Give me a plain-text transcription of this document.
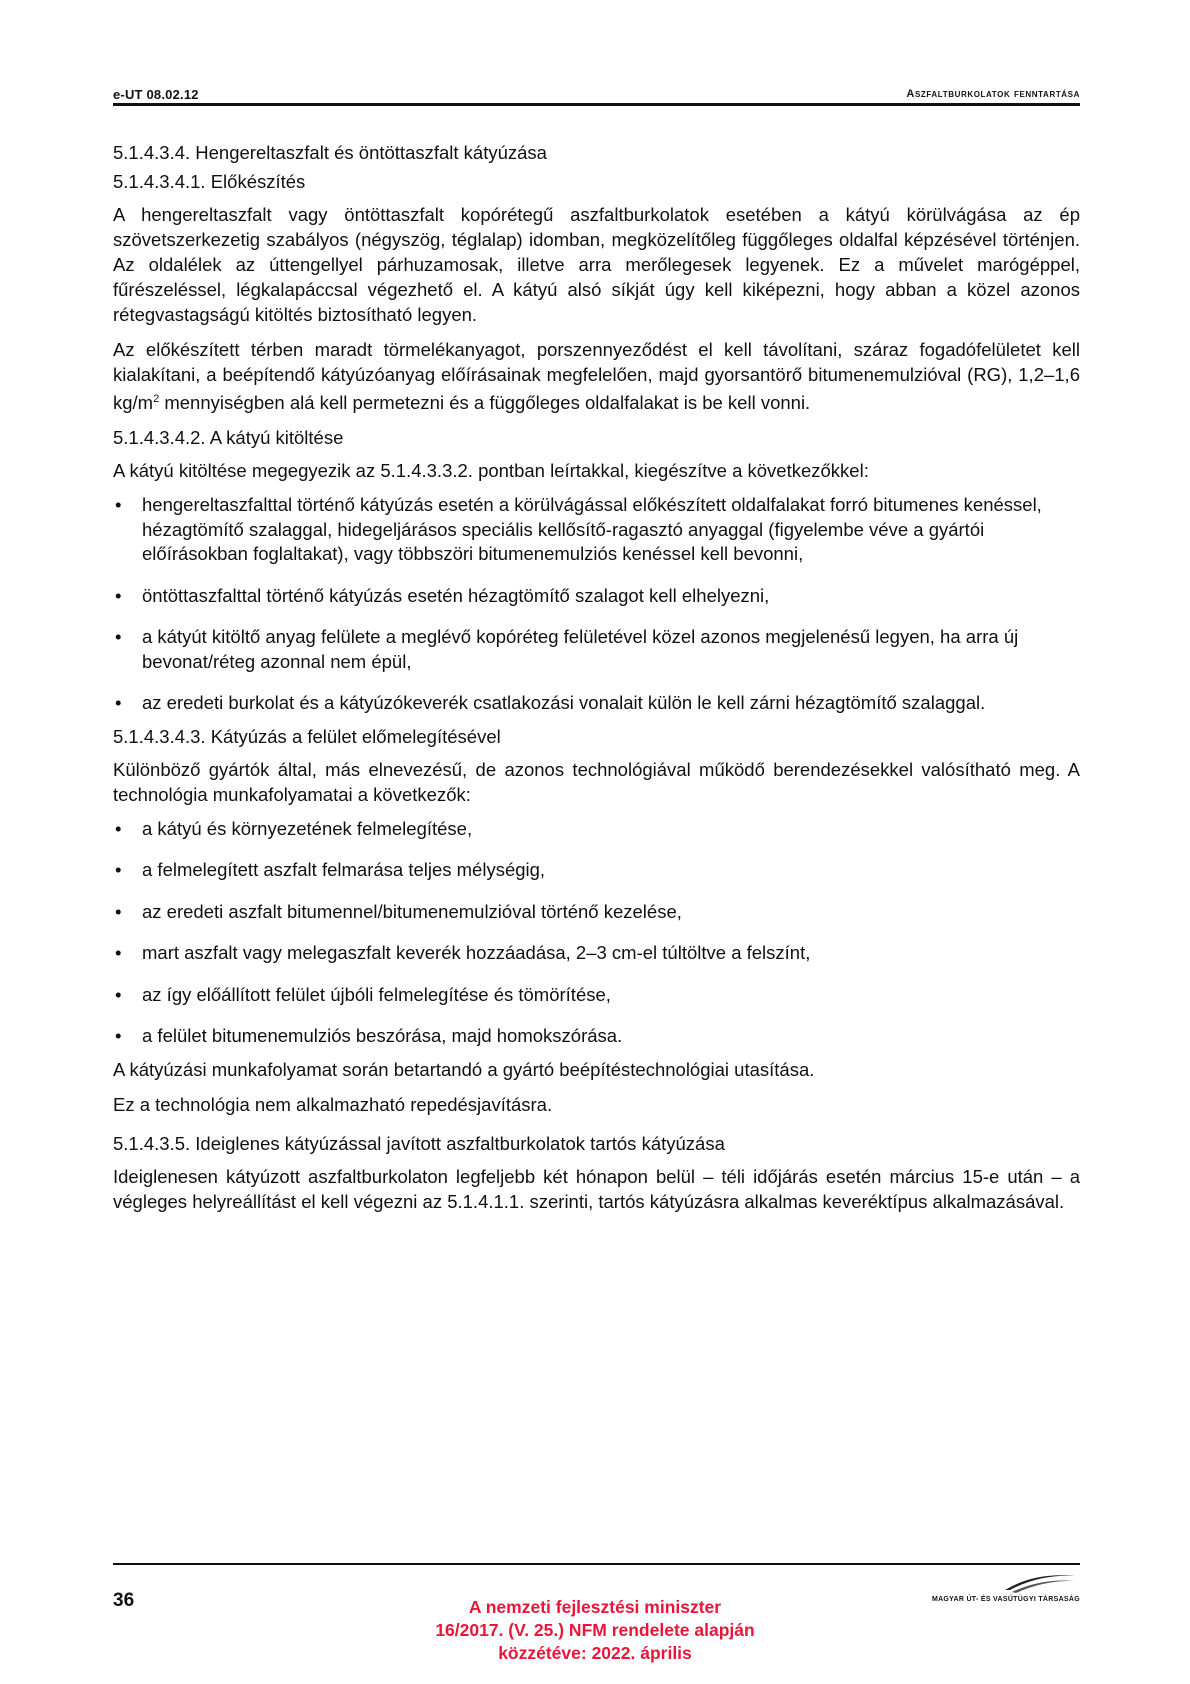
e-UT 08.02.12	Aszfaltburkolatok fenntartása
5.1.4.3.4. Hengereltaszfalt és öntöttaszfalt kátyúzása
5.1.4.3.4.1. Előkészítés

A hengereltaszfalt vagy öntöttaszfalt kopórétegű aszfaltburkolatok esetében a kátyú körülvágása az ép szövetszerkezetig szabályos (négyszög, téglalap) idomban, megközelítőleg függőleges oldalfal képzésével történjen. Az oldalélek az úttengellyel párhuzamosak, illetve arra merőlegesek legyenek. Ez a művelet marógéppel, fűrészeléssel, légkalapáccsal végezhető el. A kátyú alsó síkját úgy kell kiképezni, hogy abban a közel azonos rétegvastagságú kitöltés biztosítható legyen.

Az előkészített térben maradt törmelékanyagot, porszennyeződést el kell távolítani, száraz fogadófelületet kell kialakítani, a beépítendő kátyúzóanyag előírásainak megfelelően, majd gyorsantörő bitumenemulzióval (RG), 1,2–1,6 $kg/m^2$ mennyiségben alá kell permetezni és a függőleges oldalfalakat is be kell vonni.

5.1.4.3.4.2. A kátyú kitöltése

A kátyú kitöltése megegyezik az 5.1.4.3.3.2. pontban leírtakkal, kiegészítve a következőkkel:

• hengereltaszfalttal történő kátyúzás esetén a körülvágással előkészített oldalfalakat forró bitumenes kenéssel, hézagtömítő szalaggal, hidegeljárásos speciális kellősítő-ragasztó anyaggal (figyelembe véve a gyártói előírásokban foglaltakat), vagy többszöri bitumenemulziós kenéssel kell bevonni,
• öntöttaszfalttal történő kátyúzás esetén hézagtömítő szalagot kell elhelyezni,
• a kátyút kitöltő anyag felülete a meglévő kopóréteg felületével közel azonos megjelenésű legyen, ha arra új bevonat/réteg azonnal nem épül,
• az eredeti burkolat és a kátyúzókeverék csatlakozási vonalait külön le kell zárni hézagtömítő szalaggal.
5.1.4.3.4.3. Kátyúzás a felület előmelegítésével

Különböző gyártók által, más elnevezésű, de azonos technológiával működő berendezésekkel valósítható meg. A technológia munkafolyamatai a következők:

• a kátyú és környezetének felmelegítése,
• a felmelegített aszfalt felmarása teljes mélységig,
• az eredeti aszfalt bitumennel/bitumenemulzióval történő kezelése,
• mart aszfalt vagy melegaszfalt keverék hozzáadása, 2–3 cm-el túltöltve a felszínt,
• az így előállított felület újbóli felmelegítése és tömörítése,
• a felület bitumenemulziós beszórása, majd homokszórása.

A kátyúzási munkafolyamat során betartandó a gyártó beépítéstechnológiai utasítása.

Ez a technológia nem alkalmazható repedésjavításra.

5.1.4.3.5. Ideiglenes kátyúzással javított aszfaltburkolatok tartós kátyúzása

Ideiglenesen kátyúzott aszfaltburkolaton legfeljebb két hónapon belül – téli időjárás esetén március 15-e után – a végleges helyreállítást el kell végezni az 5.1.4.1.1. szerinti, tartós kátyúzásra alkalmas keveréktípus alkalmazásával.

36	A nemzeti fejlesztési miniszter
16/2017. (V. 25.) NFM rendelete alapján
közzétéve: 2022. április
MAGYAR ÚT- ÉS VASÚTÜGYI TÁRSASÁG
